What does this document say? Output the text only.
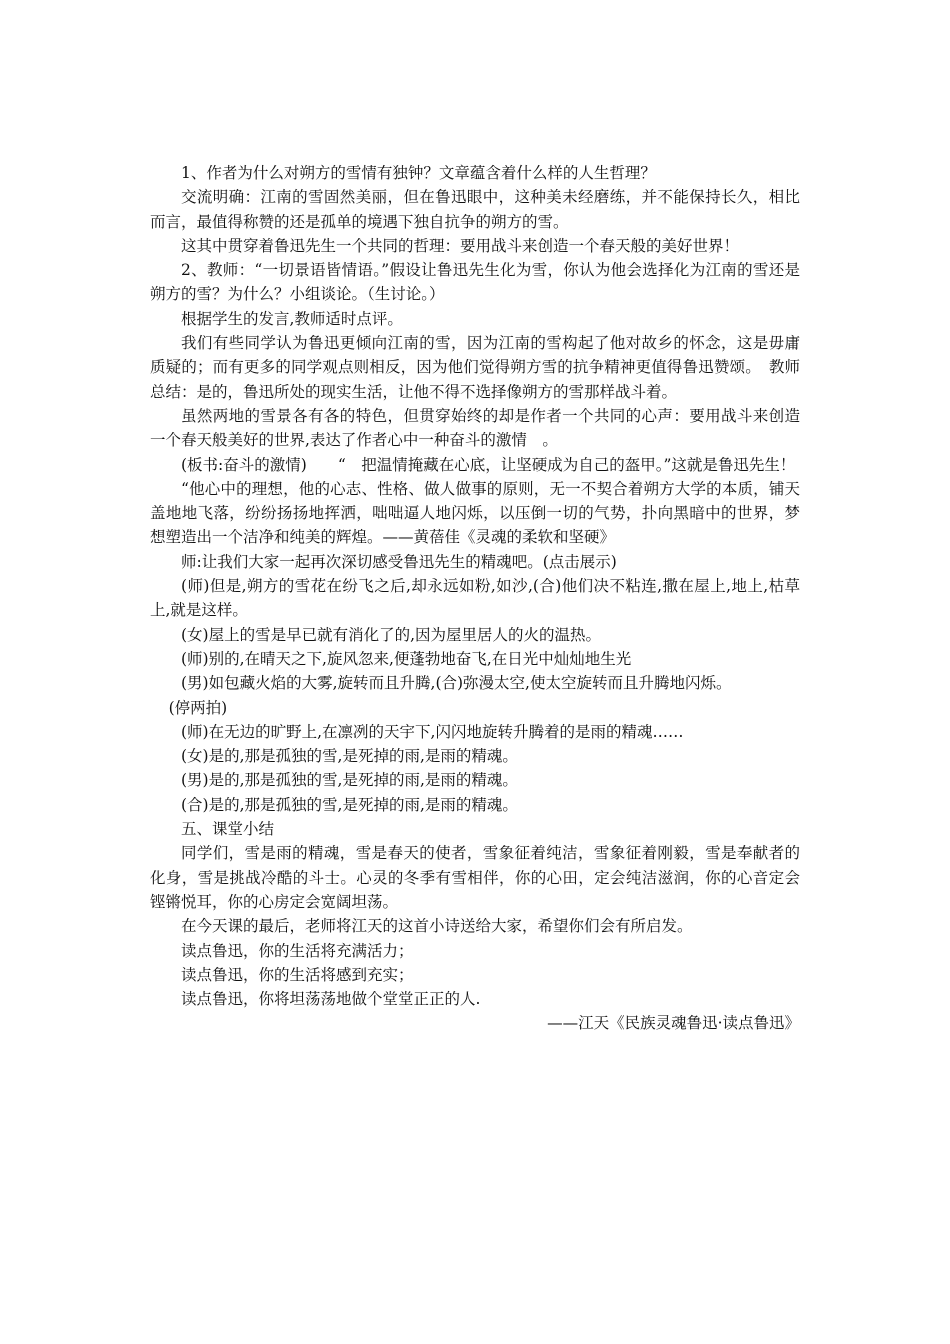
1、作者为什么对朔方的雪情有独钟？文章蕴含着什么样的人生哲理？

交流明确：江南的雪固然美丽，但在鲁迅眼中，这种美未经磨练，并不能保持长久，相比而言，最值得称赞的还是孤单的境遇下独自抗争的朔方的雪。

这其中贯穿着鲁迅先生一个共同的哲理：要用战斗来创造一个春天般的美好世界！

2、教师：“一切景语皆情语。”假设让鲁迅先生化为雪，你认为他会选择化为江南的雪还是朔方的雪？为什么？小组谈论。（生讨论。）

根据学生的发言,教师适时点评。

我们有些同学认为鲁迅更倾向江南的雪，因为江南的雪构起了他对故乡的怀念，这是毋庸质疑的；而有更多的同学观点则相反，因为他们觉得朔方雪的抗争精神更值得鲁迅赞颂。　教师总结：是的，鲁迅所处的现实生活，让他不得不选择像朔方的雪那样战斗着。

虽然两地的雪景各有各的特色，但贯穿始终的却是作者一个共同的心声：要用战斗来创造一个春天般美好的世界,表达了作者心中一种奋斗的激情　。

(板书:奋斗的激情)　　“　把温情掩藏在心底，让坚硬成为自己的盔甲。”这就是鲁迅先生！

“他心中的理想，他的心志、性格、做人做事的原则，无一不契合着朔方大学的本质，铺天盖地地飞落，纷纷扬扬地挥洒，咄咄逼人地闪烁，以压倒一切的气势，扑向黑暗中的世界，梦想塑造出一个洁净和纯美的辉煌。——黄蓓佳《灵魂的柔软和坚硬》

师:让我们大家一起再次深切感受鲁迅先生的精魂吧。(点击展示)

(师)但是,朔方的雪花在纷飞之后,却永远如粉,如沙,(合)他们决不粘连,撒在屋上,地上,枯草上,就是这样。

(女)屋上的雪是早已就有消化了的,因为屋里居人的火的温热。

(师)别的,在晴天之下,旋风忽来,便蓬勃地奋飞,在日光中灿灿地生光

(男)如包藏火焰的大雾,旋转而且升腾,(合)弥漫太空,使太空旋转而且升腾地闪烁。

(停两拍)

(师)在无边的旷野上,在凛冽的天宇下,闪闪地旋转升腾着的是雨的精魂……

(女)是的,那是孤独的雪,是死掉的雨,是雨的精魂。

(男)是的,那是孤独的雪,是死掉的雨,是雨的精魂。

(合)是的,那是孤独的雪,是死掉的雨,是雨的精魂。

五、课堂小结

同学们，雪是雨的精魂，雪是春天的使者，雪象征着纯洁，雪象征着刚毅，雪是奉献者的化身，雪是挑战冷酷的斗士。心灵的冬季有雪相伴，你的心田，定会纯洁滋润，你的心音定会铿锵悦耳，你的心房定会宽阔坦荡。

在今天课的最后，老师将江天的这首小诗送给大家，希望你们会有所启发。

读点鲁迅，你的生活将充满活力；

读点鲁迅，你的生活将感到充实；

读点鲁迅，你将坦荡荡地做个堂堂正正的人.

——江天《民族灵魂鲁迅·读点鲁迅》
